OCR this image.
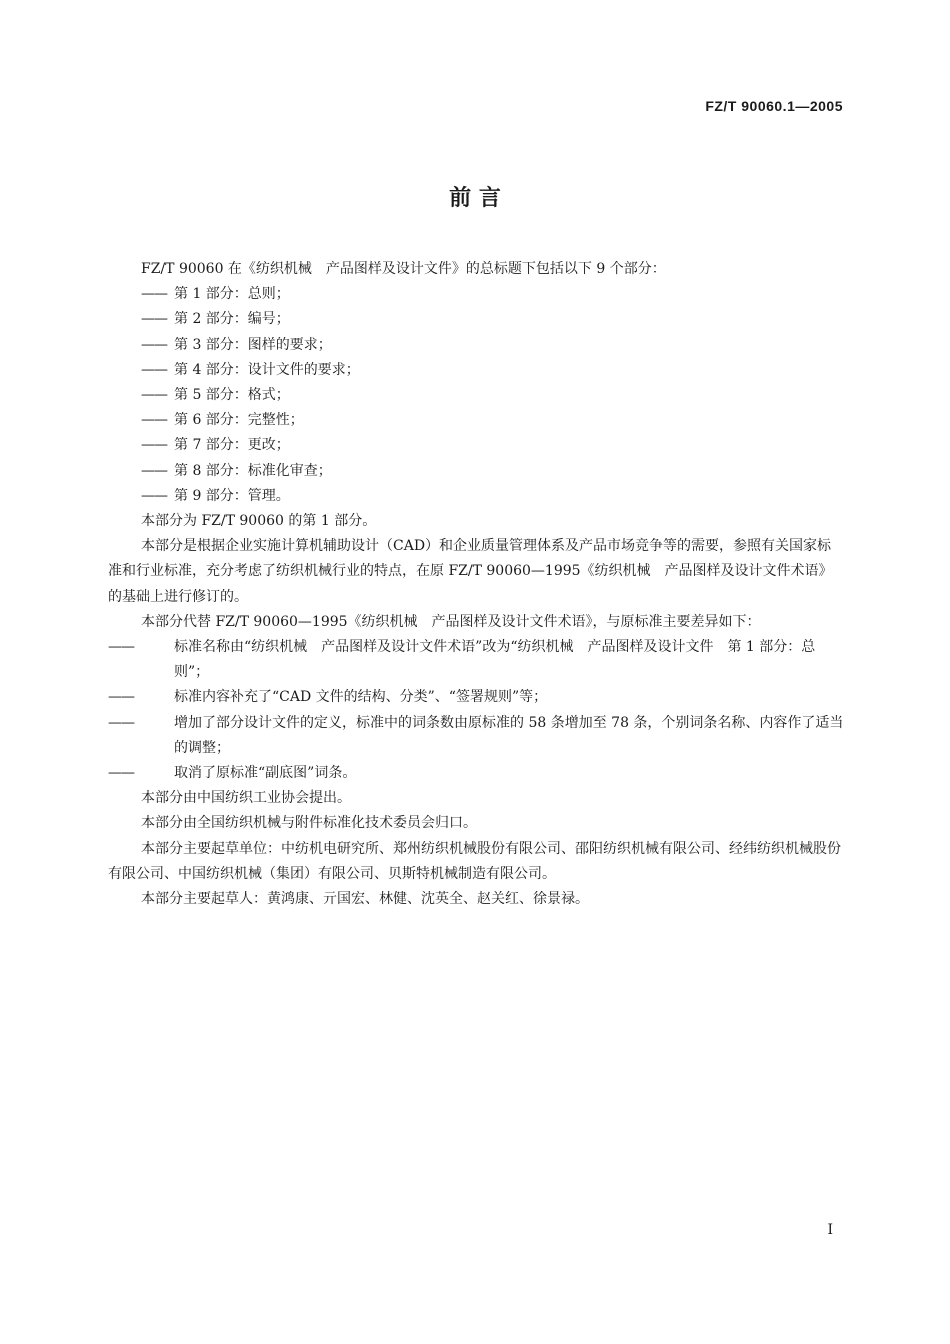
FZ/T 90060.1—2005
前 言

FZ/T 90060 在《纺织机械　产品图样及设计文件》的总标题下包括以下 9 个部分：

—— 第 1 部分：总则；

—— 第 2 部分：编号；

—— 第 3 部分：图样的要求；

—— 第 4 部分：设计文件的要求；

—— 第 5 部分：格式；

—— 第 6 部分：完整性；

—— 第 7 部分：更改；

—— 第 8 部分：标准化审查；

—— 第 9 部分：管理。

本部分为 FZ/T 90060 的第 1 部分。

本部分是根据企业实施计算机辅助设计（CAD）和企业质量管理体系及产品市场竞争等的需要，参照有关国家标准和行业标准，充分考虑了纺织机械行业的特点，在原 FZ/T 90060—1995《纺织机械　产品图样及设计文件术语》的基础上进行修订的。

本部分代替 FZ/T 90060—1995《纺织机械　产品图样及设计文件术语》，与原标准主要差异如下：

——	标准名称由“纺织机械　产品图样及设计文件术语”改为“纺织机械　产品图样及设计文件　第 1 部分：总则”；

——	标准内容补充了“CAD 文件的结构、分类”、“签署规则”等；

——	增加了部分设计文件的定义，标准中的词条数由原标准的 58 条增加至 78 条，个别词条名称、内容作了适当的调整；

——	取消了原标准“副底图”词条。

本部分由中国纺织工业协会提出。

本部分由全国纺织机械与附件标准化技术委员会归口。

本部分主要起草单位：中纺机电研究所、郑州纺织机械股份有限公司、邵阳纺织机械有限公司、经纬纺织机械股份有限公司、中国纺织机械（集团）有限公司、贝斯特机械制造有限公司。

本部分主要起草人：黄鸿康、亓国宏、林健、沈英全、赵关红、徐景禄。

I
